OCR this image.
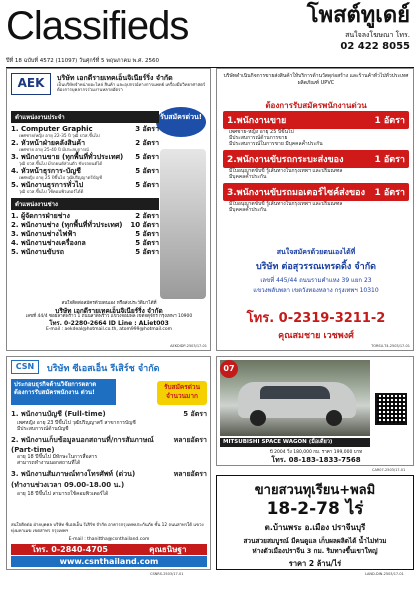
Classifieds	โพสต์ทูเดย์
สนใจลงโฆษณา โทร.
02 422 8055
ปีที่ 18 ฉบับที่ 4572 (11097) วันศุกร์ที่ 5 พฤษภาคม พ.ศ. 2560
AEK	บริษัท เอกดีรายเทคเอ็นจิเนียร์ริ่ง จำกัด
เป็นบริษัทจำหน่ายอะไหล่ สินค้า และอุปกรณ์ทางการแพทย์ เครื่องมือวิทยาศาสตร์ ต้องการบุคลากรร่วมงานหลายอัตรา
รับสมัครด่วน!
ตำแหน่งงานประจำ
1. Computer Graphic	3 อัตรา
เพศชาย/หญิง อายุ 22-35 ปี วุฒิ ปวส.ขึ้นไป
2. หัวหน้าฝ่ายคลังสินค้า	2 อัตรา
เพศชาย อายุ 25-40 ปี มีประสบการณ์
3. พนักงานขาย (ทุกพื้นที่ทั่วประเทศ) 5 อัตรา
วุฒิ ปวส.ขึ้นไป มีรถยนต์ส่วนตัว ขับรถยนต์ได้
4. หัวหน้าธุรการ-บัญชี	5 อัตรา
เพศหญิง อายุ 25 ปีขึ้นไป วุฒิปริญญาตรีบัญชี
5. พนักงานธุรการทั่วไป	5 อัตรา
วุฒิ ปวส.ขึ้นไป ใช้คอมพิวเตอร์ได้ดี
ตำแหน่งงานช่าง
1. ผู้จัดการฝ่ายช่าง	2 อัตรา
2. พนักงานช่าง (ทุกพื้นที่ทั่วประเทศ) 10 อัตรา
3. พนักงานช่างไฟฟ้า	5 อัตรา
4. พนักงานช่างเครื่องกล	5 อัตรา
5. พนักงานขับรถ	5 อัตรา
สนใจติดต่อสมัครด้วยตนเอง หรือส่งประวัติมาได้ที่
บริษัท เอกดีรายเทคเอ็นจิเนียร์ริ่ง จำกัด
เลขที่ 44/4 ซอยลาดพร้าว 1 ถนนลาดพร้าว แขวงจอมพล เขตจตุจักร กรุงเทพฯ 10900
โทร. 0-2280-2664 ID Line : ALiet003
E-mail : aekdeal@hotmail.co.th, atom999@hotmail.com
AEKDIDP-2503/17-01
บริษัทดำเนินกิจการขายส่งสินค้าให้บริการด้านวัสดุก่อสร้าง และร้านค้าทั่วไปทั่วประเทศ ผลิตภัณฑ์ UPVC
ต้องการรับสมัครพนักงานด่วน
1.พนักงานขาย	1 อัตรา
เพศชาย-หญิง อายุ 25 ปีขึ้นไป
มีประสบการณ์ด้านการขาย
มีประสบการณ์ในการขาย มีบุคคลค้ำประกัน
2.พนักงานขับรถกระบะส่งของ	1 อัตรา
มีใบอนุญาตขับขี่ รู้เส้นทางในกรุงเทพฯ และปริมณฑล
มีบุคคลค้ำประกัน
3.พนักงานขับรถมอเตอร์ไซค์ส่งของ 1 อัตรา
มีใบอนุญาตขับขี่ รู้เส้นทางในกรุงเทพฯ และปริมณฑล
มีบุคคลค้ำประกัน
สนใจสมัครด้วยตนเองได้ที่
บริษัท ต่อสุวรรณเทรดดิ้ง จำกัด
เลขที่ 445/44 ถนนรามคำแหง 39 แยก 23
แขวงพลับพลา เขตวังทองหลาง กรุงเทพฯ 10310
โทร. 0-2319-3211-2
คุณสมชาย เวชพงศ์
TORSU-T4-2503/17-01
CSN	บริษัท ซีเอสเอ็น รีเสิร์ช จำกัด
ประกอบธุรกิจด้านวิจัยการตลาด ต้องการรับสมัครพนักงาน ด่วน!
รับสมัครด่วน จำนวนมาก
1. พนักงานบัญชี (Full-time)	5 อัตรา
เพศหญิง อายุ 23 ปีขึ้นไป วุฒิปริญญาตรี สาขาการบัญชี
มีประสบการณ์ด้านบัญชี
2. พนักงานเก็บข้อมูลนอกสถานที่/การสัมภาษณ์ (Part-time)
หลายอัตรา
อายุ 18 ปีขึ้นไป มีทักษะในการสื่อสาร
สามารถทำงานนอกสถานที่ได้
3. พนักงานสัมภาษณ์ทางโทรศัพท์ (ด่วน) (ทำงานช่วงเวลา 09.00-18.00 น.)
หลายอัตรา
อายุ 18 ปีขึ้นไป สามารถใช้คอมพิวเตอร์ได้
สนใจติดต่อ ฝ่ายบุคคล บริษัท ซีเอสเอ็น รีเสิร์ช จำกัด อาคารกรุงเทพประกันภัย ชั้น 12 ถนนสาทรใต้ แขวงทุ่งมหาเมฆ เขตสาทร กรุงเทพฯ
E-mail : thanittha@csnthailand.com
โทร. 0-2840-4705	คุณธนิษฐา
www.csnthailand.com
CSNRS-2503/17-01
07
MITSUBISHI SPACE WAGON (มือเดียว)
ปี 2004 วิ่ง 180,000 กม. ราคา 199,000 บาท
โทร. 08-183-1833-7568
CAR07-2503/17-01
ขายสวนทุเรียน+พลมิ
18-2-78 ไร่
ต.บ้านพระ อ.เมือง ปราจีนบุรี
สวนสวยสมบูรณ์ มีคนดูแล เก็บผลผลิตได้ น้ำไม่ท่วม
ห่างตัวเมืองปราจีน 3 กม. ริมทางขึ้นเขาใหญ่
ราคา 2 ล้าน/ไร่
LAND-DIN-2503/17-01
